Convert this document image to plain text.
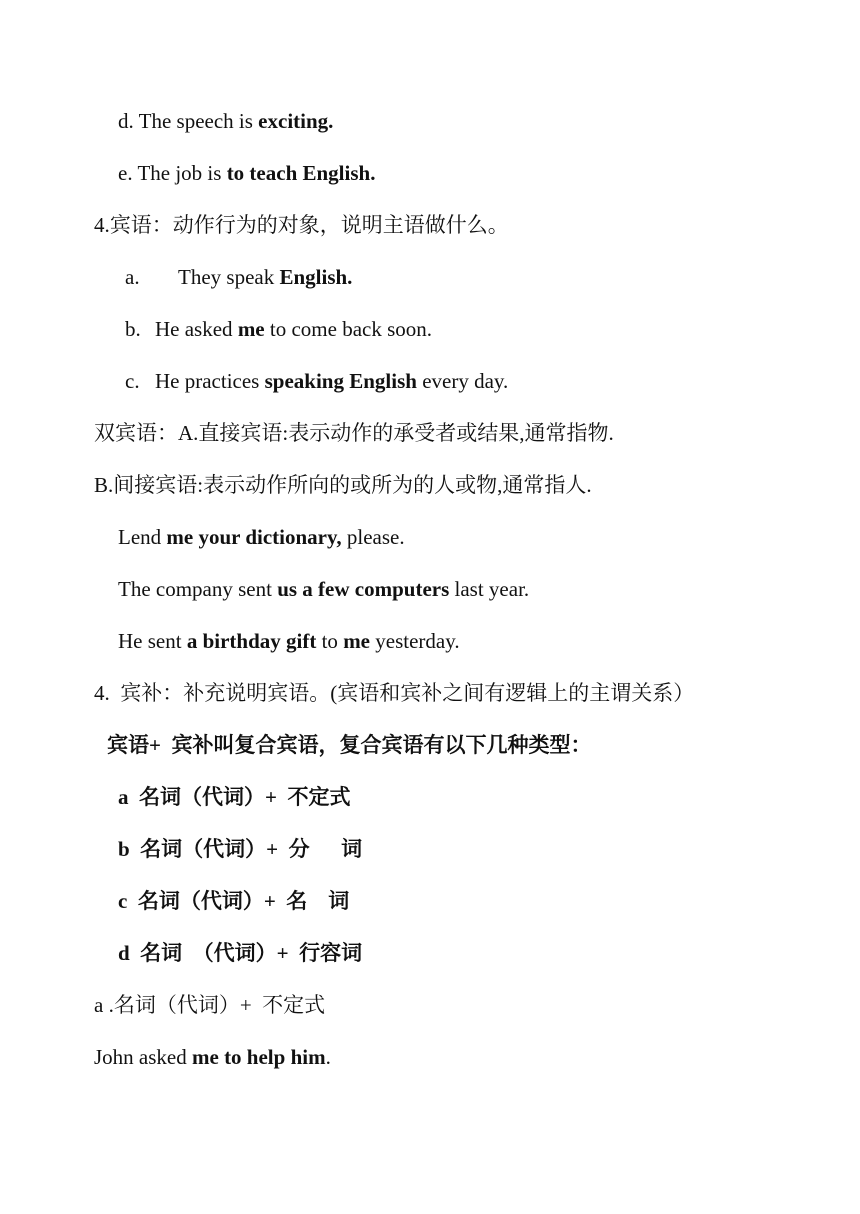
d. The speech is exciting.
e. The job is to teach English.
4.宾语：动作行为的对象，说明主语做什么。
a. They speak English.
b. He asked me to come back soon.
c. He practices speaking English every day.
双宾语：A.直接宾语:表示动作的承受者或结果,通常指物.
B.间接宾语:表示动作所向的或所为的人或物,通常指人.
Lend me your dictionary, please.
The company sent us a few computers last year.
He sent a birthday gift to me yesterday.
4.  宾补：补充说明宾语。(宾语和宾补之间有逻辑上的主谓关系）
宾语+  宾补叫复合宾语，复合宾语有以下几种类型：
a  名词（代词）+  不定式
b  名词（代词）+  分      词
c  名词（代词）+  名    词
d  名词  （代词）+  行容词
a .名词（代词）+  不定式
John asked me to help him.
